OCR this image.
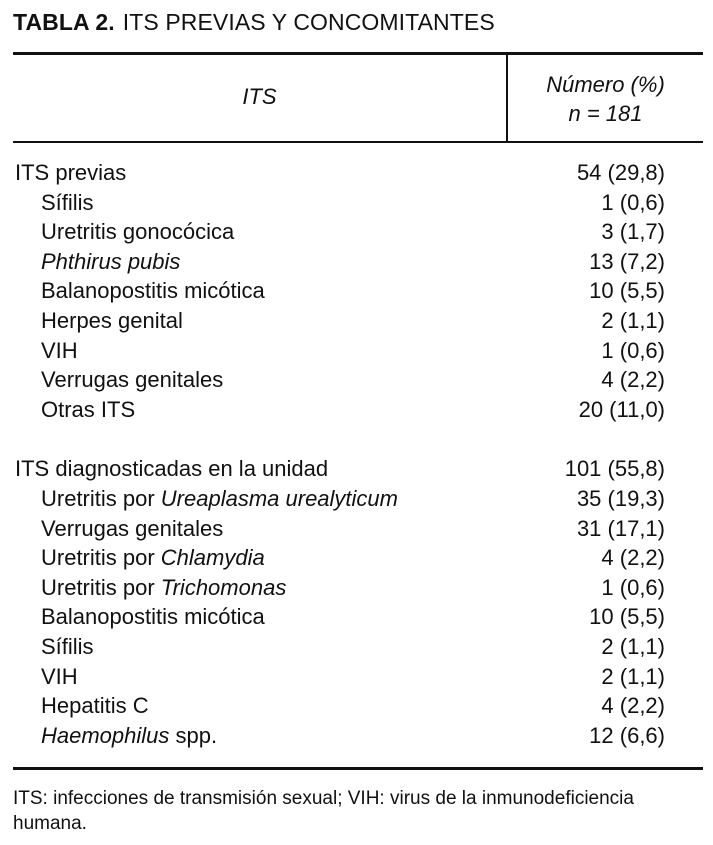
TABLA 2. ITS PREVIAS Y CONCOMITANTES
ITS	Número (%)
n = 181
ITS previas	54 (29,8)
Sífilis	1 (0,6)
Uretritis gonocócica	3 (1,7)
Phthirus pubis	13 (7,2)
Balanopostitis micótica	10 (5,5)
Herpes genital	2 (1,1)
VIH	1 (0,6)
Verrugas genitales	4 (2,2)
Otras ITS	20 (11,0)
ITS diagnosticadas en la unidad	101 (55,8)
Uretritis por Ureaplasma urealyticum	35 (19,3)
Verrugas genitales	31 (17,1)
Uretritis por Chlamydia	4 (2,2)
Uretritis por Trichomonas	1 (0,6)
Balanopostitis micótica	10 (5,5)
Sífilis	2 (1,1)
VIH	2 (1,1)
Hepatitis C	4 (2,2)
Haemophilus spp.	12 (6,6)
ITS: infecciones de transmisión sexual; VIH: virus de la inmunodeficiencia humana.
